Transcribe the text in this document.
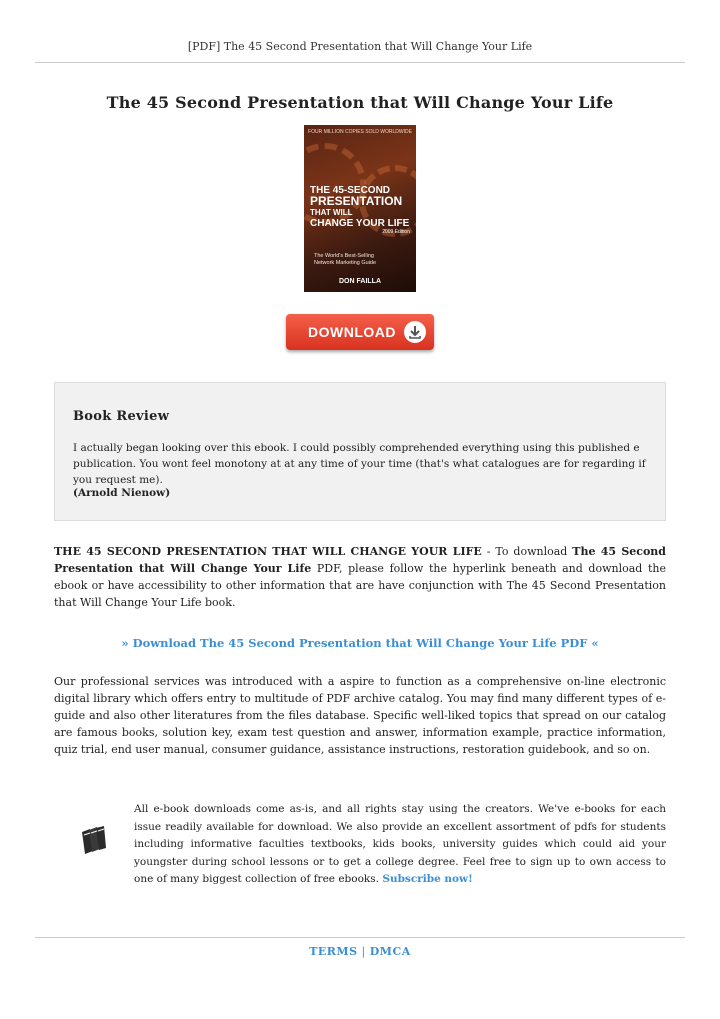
[PDF] The 45 Second Presentation that Will Change Your Life
The 45 Second Presentation that Will Change Your Life
FOUR MILLION COPIES SOLD WORLDWIDE
THE 45-SECOND
PRESENTATION
THAT WILL
CHANGE YOUR LIFE
2009 Edition
The World's Best-Selling
Network Marketing Guide
DON FAILLA
DOWNLOAD
Book Review
I actually began looking over this ebook. I could possibly comprehended everything using this published e publication. You wont feel monotony at at any time of your time (that's what catalogues are for regarding if you request me).
(Arnold Nienow)
THE 45 SECOND PRESENTATION THAT WILL CHANGE YOUR LIFE - To download The 45 Second Presentation that Will Change Your Life PDF, please follow the hyperlink beneath and download the ebook or have accessibility to other information that are have conjunction with The 45 Second Presentation that Will Change Your Life book.
» Download The 45 Second Presentation that Will Change Your Life PDF «
Our professional services was introduced with a aspire to function as a comprehensive on-line electronic digital library which offers entry to multitude of PDF archive catalog. You may find many different types of e-guide and also other literatures from the files database. Specific well-liked topics that spread on our catalog are famous books, solution key, exam test question and answer, information example, practice information, quiz trial, end user manual, consumer guidance, assistance instructions, restoration guidebook, and so on.
All e-book downloads come as-is, and all rights stay using the creators. We've e-books for each issue readily available for download. We also provide an excellent assortment of pdfs for students including informative faculties textbooks, kids books, university guides which could aid your youngster during school lessons or to get a college degree. Feel free to sign up to own access to one of many biggest collection of free ebooks. Subscribe now!
TERMS | DMCA
